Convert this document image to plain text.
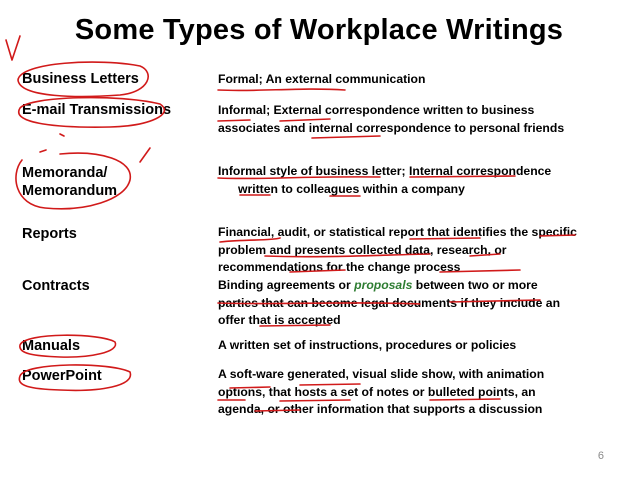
Some Types of Workplace Writings
Business Letters
E-mail Transmissions
Memoranda/
Memorandum
Reports
Contracts
Manuals
PowerPoint
Formal; An external communication
Informal; External correspondence written to business
associates and internal correspondence to personal friends
Informal style of business letter; Internal correspondence
written to colleagues within a company
Financial, audit, or statistical report that identifies the specific
problem and presents collected data, research, or
recommendations for the change process
Binding agreements or proposals between two or more
parties that can become legal documents if they include an
offer that is accepted
A written set of instructions, procedures or policies
A soft-ware generated, visual slide show, with animation
options, that hosts a set of notes or bulleted points, an
agenda, or other information that supports a discussion
6
